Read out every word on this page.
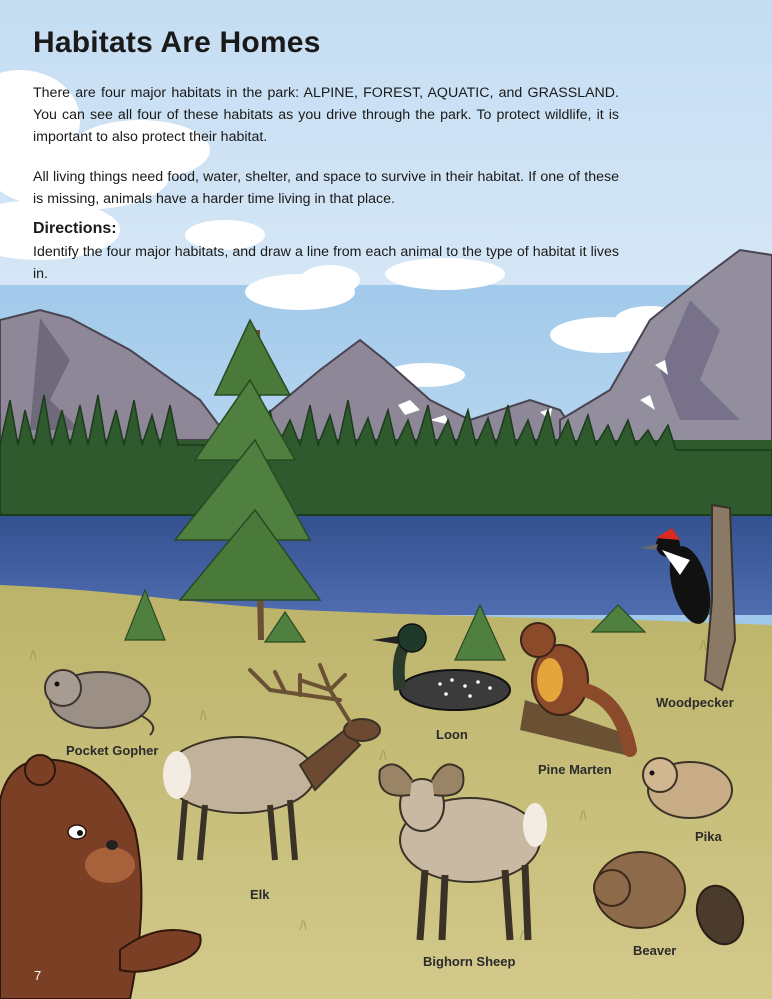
Habitats Are Homes

There are four major habitats in the park: ALPINE, FOREST, AQUATIC, and GRASSLAND. You can see all four of these habitats as you drive through the park. To protect wildlife, it is important to also protect their habitat.

All living things need food, water, shelter, and space to survive in their habitat. If one of these is missing, animals have a harder time living in that place.

Directions:

Identify the four major habitats, and draw a line from each animal to the type of habitat it lives in.

Woodpecker
Pocket Gopher
Loon
Pine Marten
Pika
Elk
Beaver
Bighorn Sheep
7
